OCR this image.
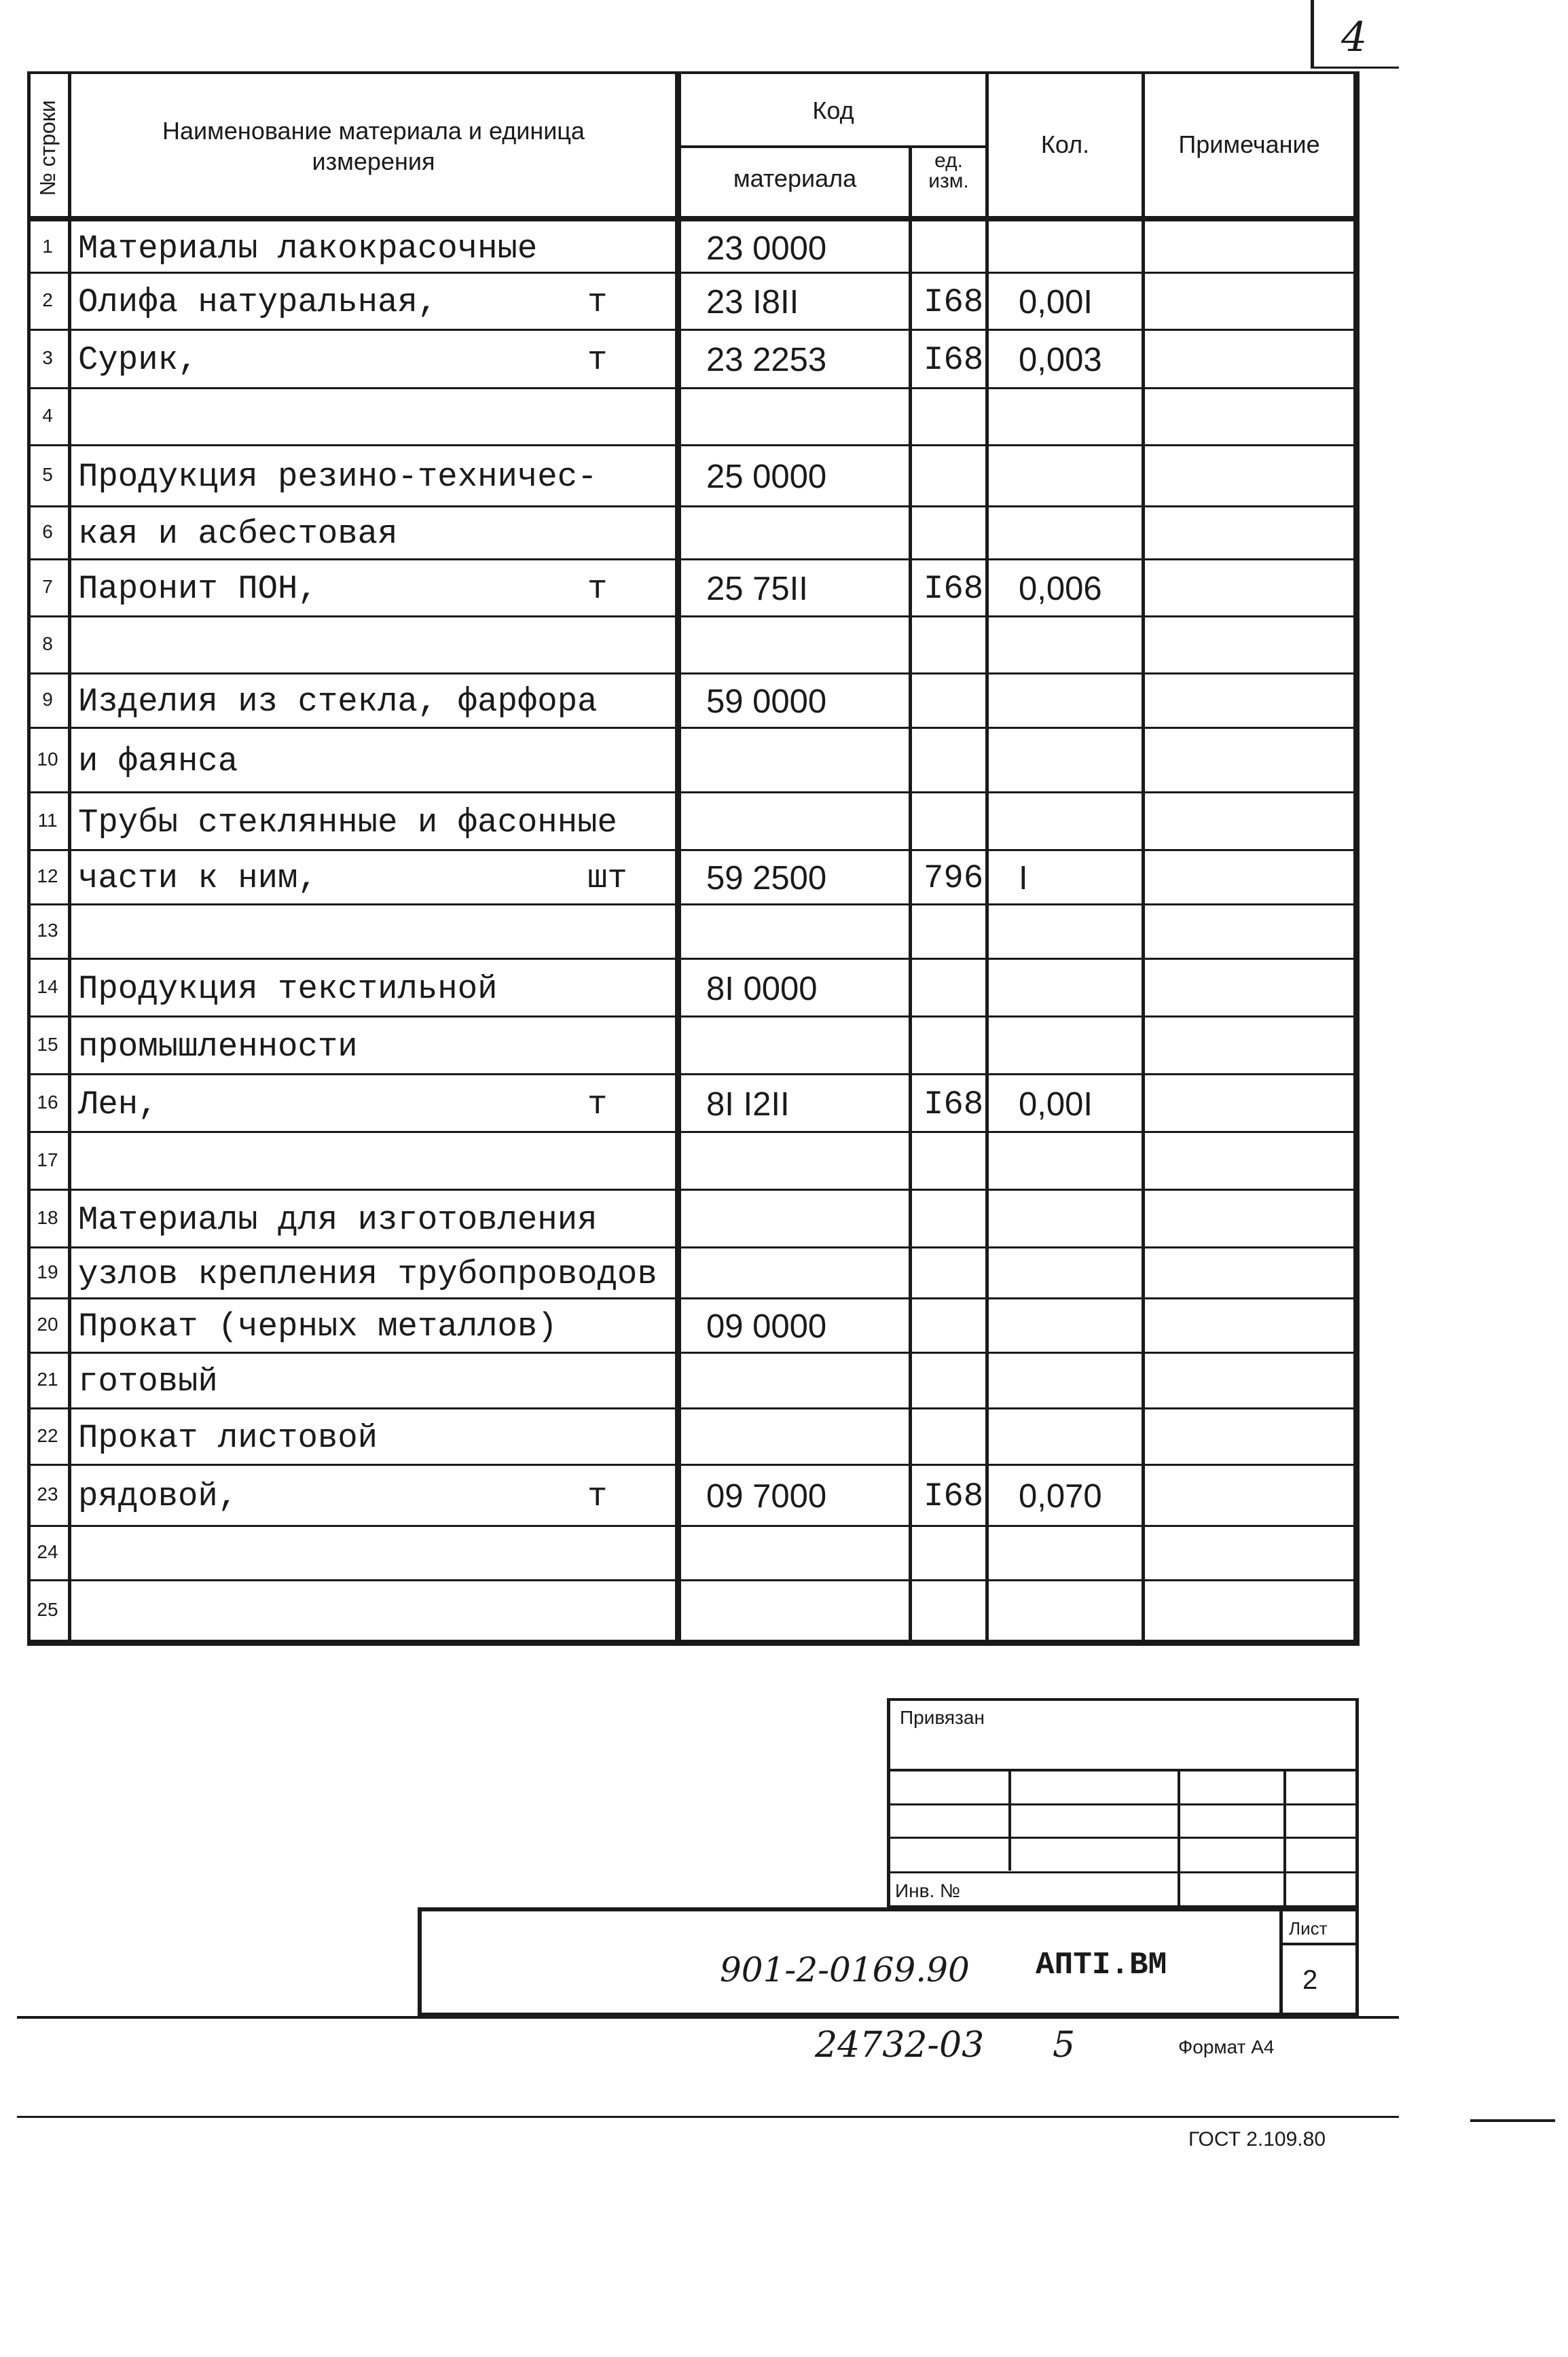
4
№ строки	Наименование материала и единица измерения
Код
материала
ед. изм.
Кол.	Примечание
1 Материалы лакокрасочные	23 0000
2 Олифа натуральная,	т	23 I8II	I68 0,00I
3 Сурик,	т	23 2253	I68 0,003
4
5 Продукция резино-техничес-	25 0000
6 кая и асбестовая
7 Паронит ПОН,	т	25 75II	I68 0,006
8
9 Изделия из стекла, фарфора	59 0000
10 и фаянса
11 Трубы стеклянные и фасонные
12 части к ним,	шт 59 2500	796 I
13
14 Продукция текстильной	8I 0000
15 промышленности
16 Лен,	т	8I I2II	I68 0,00I
17
18 Материалы для изготовления
19 узлов крепления трубопроводов
20 Прокат (черных металлов)	09 0000
21 готовый
22 Прокат листовой
23 рядовой,	т	09 7000	I68 0,070
24
25
Привязан
Инв. №
Лист
2
901-2-0169.90 АПТI.ВМ
24732-03 5	Формат А4
ГОСТ 2.109.80
